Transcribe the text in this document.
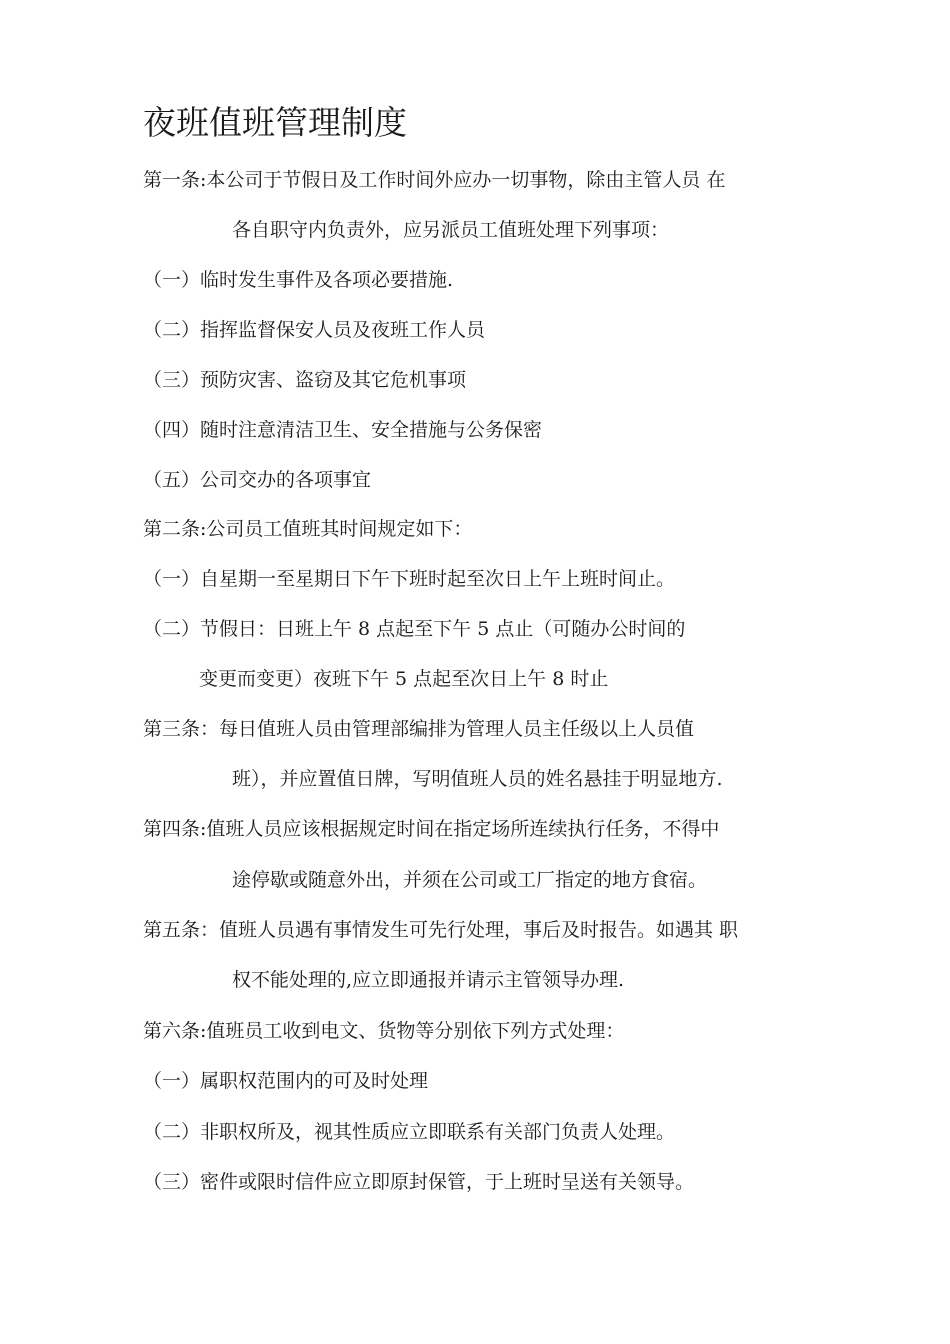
夜班值班管理制度

第一条:本公司于节假日及工作时间外应办一切事物，除由主管人员 在

各自职守内负责外，应另派员工值班处理下列事项：

（一）临时发生事件及各项必要措施.

（二）指挥监督保安人员及夜班工作人员

（三）预防灾害、盗窃及其它危机事项

（四）随时注意清洁卫生、安全措施与公务保密

（五）公司交办的各项事宜

第二条:公司员工值班其时间规定如下：

（一）自星期一至星期日下午下班时起至次日上午上班时间止。

（二）节假日：日班上午 8 点起至下午 5 点止（可随办公时间的

变更而变更）夜班下午 5 点起至次日上午 8 时止

第三条：每日值班人员由管理部编排为管理人员主任级以上人员值

班），并应置值日牌，写明值班人员的姓名悬挂于明显地方.

第四条:值班人员应该根据规定时间在指定场所连续执行任务，不得中

途停歇或随意外出，并须在公司或工厂指定的地方食宿。

第五条：值班人员遇有事情发生可先行处理，事后及时报告。如遇其 职

权不能处理的,应立即通报并请示主管领导办理.

第六条:值班员工收到电文、货物等分别依下列方式处理：

（一）属职权范围内的可及时处理

（二）非职权所及，视其性质应立即联系有关部门负责人处理。

（三）密件或限时信件应立即原封保管，于上班时呈送有关领导。
